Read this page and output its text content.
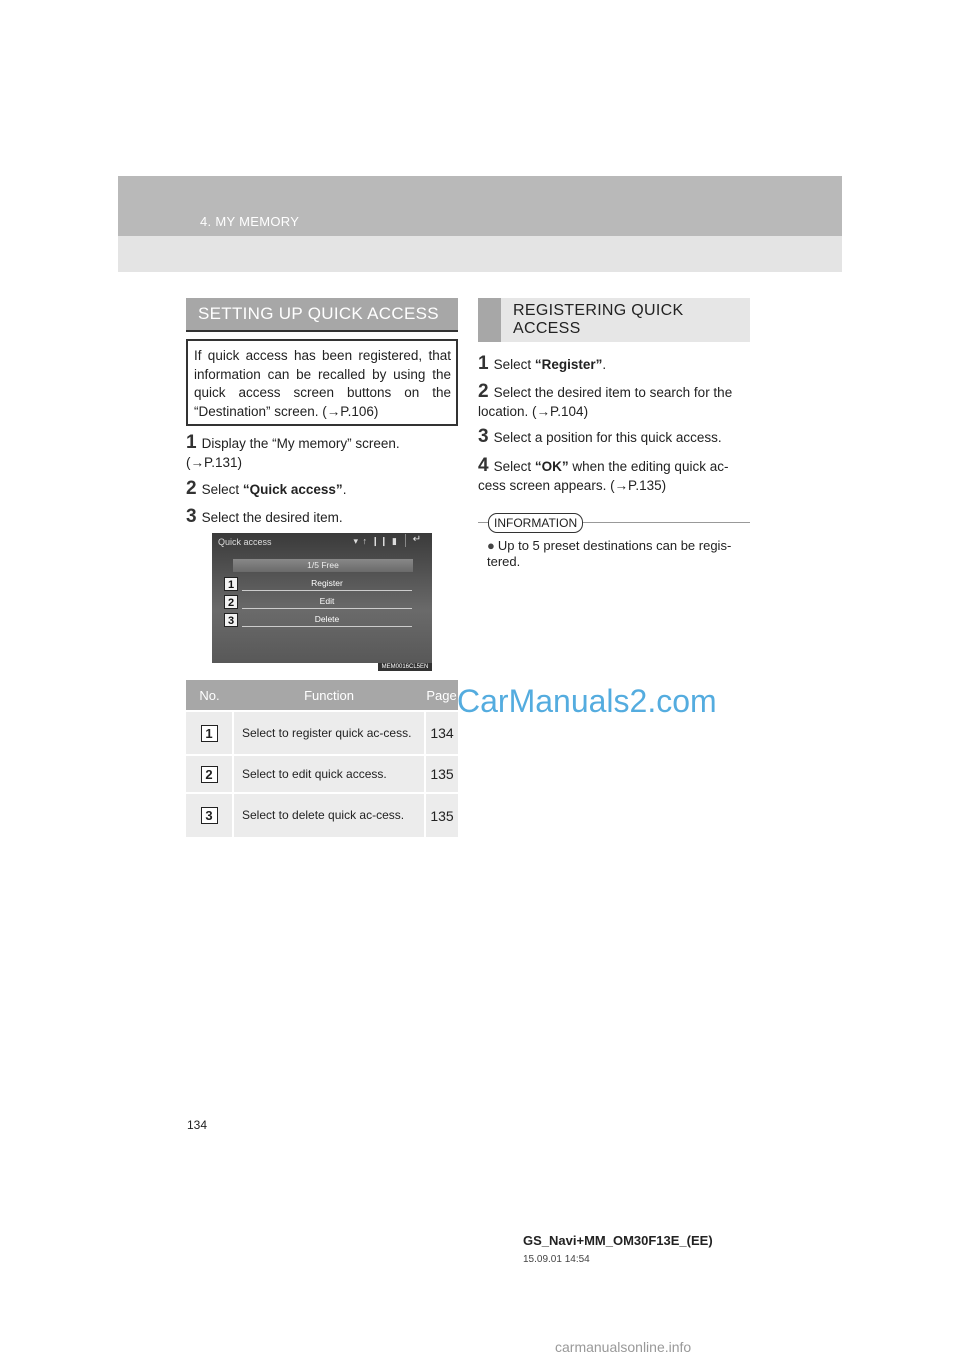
4. MY MEMORY
SETTING UP QUICK ACCESS
If quick access has been registered, that information can be recalled by using the quick access screen buttons on the “Destination” screen. (→P.106)
1 Display the “My memory” screen. (→P.131)
2 Select “Quick access”.
3 Select the desired item.
Quick access	▾ ↑ ❙❙ ▮	↵
1/5 Free
Register
Edit
Delete
1
2
3
MEM0016CL5EN
No.	Function	Page
1	Select to register quick ac-cess.	134
2	Select to edit quick access.	135
3	Select to delete quick ac-cess.	135
REGISTERING QUICK ACCESS
1 Select “Register”.
2 Select the desired item to search for the location. (→P.104)
3 Select a position for this quick access.
4 Select “OK” when the editing quick ac-cess screen appears. (→P.135)
INFORMATION
● Up to 5 preset destinations can be regis-tered.
CarManuals2.com
134
GS_Navi+MM_OM30F13E_(EE)
15.09.01 14:54
carmanualsonline.info
